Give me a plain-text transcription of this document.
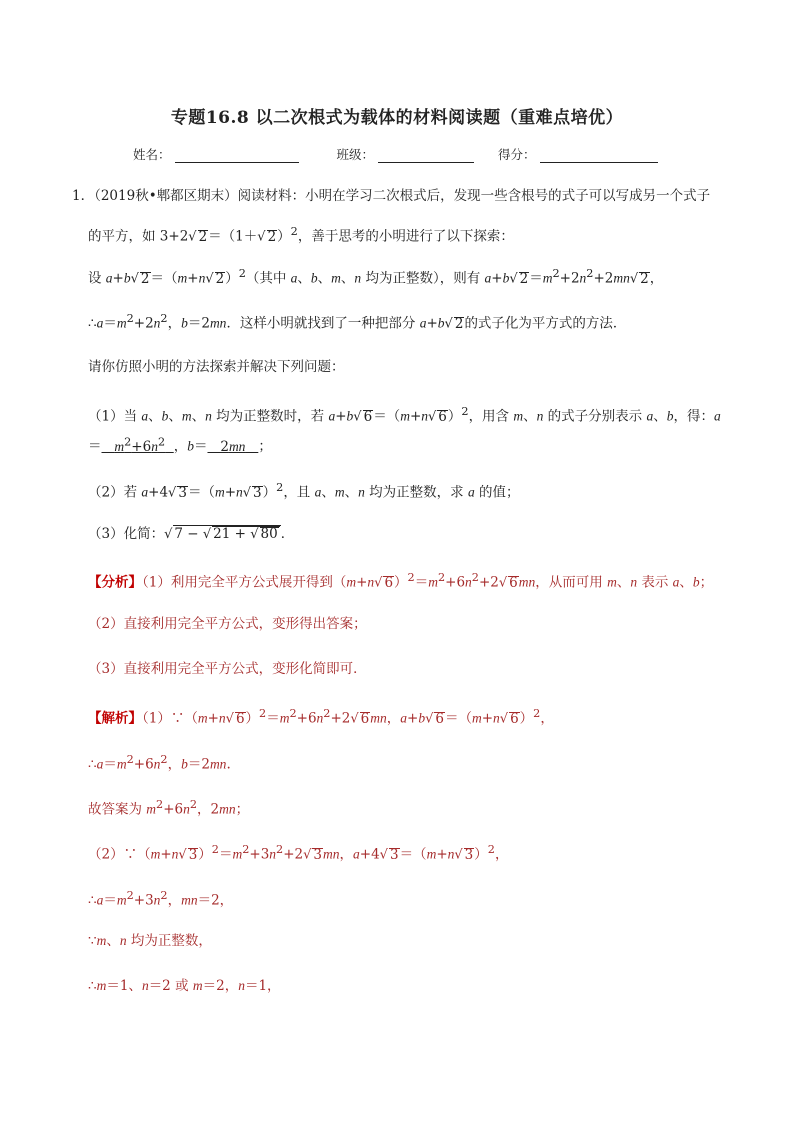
专题16.8 以二次根式为载体的材料阅读题（重难点培优）
姓名：	班级：	得分：
1．（2019秋•郫都区期末）阅读材料：小明在学习二次根式后，发现一些含根号的式子可以写成另一个式子
的平方，如 3+2√ 2＝（1＋√ 2）$^2$，善于思考的小明进行了以下探索：
设 a+b√ 2＝（m+n√ 2）$^2$（其中 a、b、m、n 均为正整数），则有 a+b√ $2=m^2+2n^2+2mn√$ 2，
$\therefore a=m^2+2n^2$，b＝2mn．这样小明就找到了一种把部分 a+b√ 2的式子化为平方式的方法．
请你仿照小明的方法探索并解决下列问题：
（1）当 a、b、m、n 均为正整数时，若 a+b√ 6＝（m+n√ 6）$^2$，用含 m、n 的式子分别表示 a、b，得：a
＝ $m^2+6n^2$ ，b＝   2mn ；
（2）若 a+4√ 3＝（m+n√ 3）$^2$，且 a、m、n 均为正整数，求 a 的值；
（3）化简：√ 7 − √ 21 + √ 80 ．
【分析】（1）利用完全平方公式展开得到（m+n√ $6)^2=m^2+6n^2+2√$ 6mn，从而可用 m、n 表示 a、b；
（2）直接利用完全平方公式，变形得出答案；
（3）直接利用完全平方公式，变形化简即可．
【解析】（1）∵（m+n√ $6)^2=m^2+6n^2+2√$ 6mn，a+b√ 6＝（m+n√ 6）$^2$，
$\therefore a=m^2+6n^2$，b＝2mn.
故答案为 $m^2+6n^2$，2mn；
（2）∵（m+n√ $3)^2=m^2+3n^2+2√$ 3mn，a+4√ 3＝（m+n√ 3）$^2$，
$\therefore a=m^2+3n^2$，mn＝2，
∵m、n 均为正整数，
∴m＝1、n＝2 或 m＝2，n＝1，
